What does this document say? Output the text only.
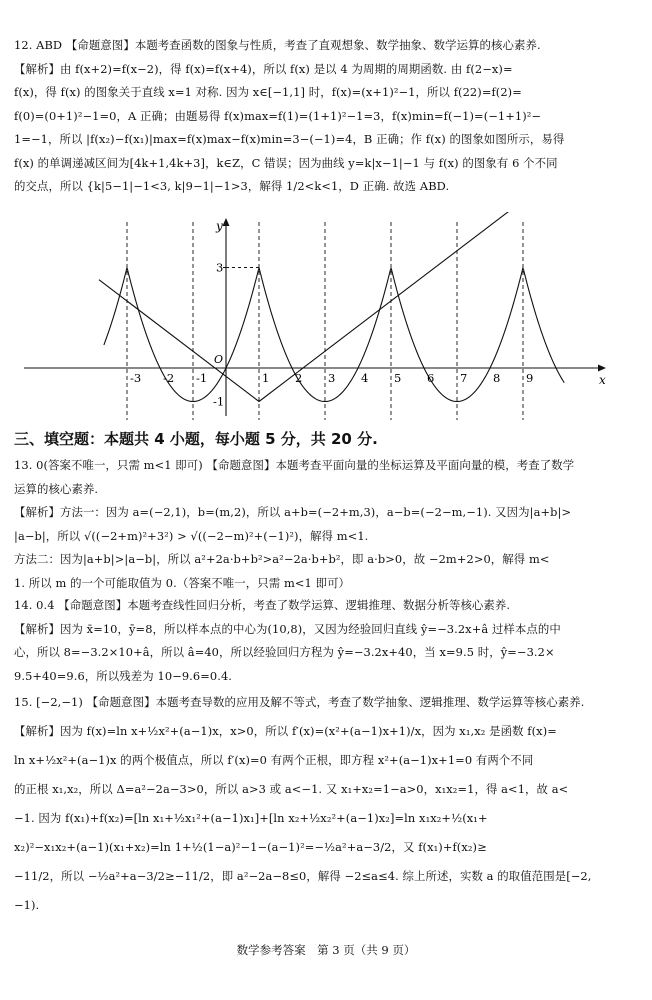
12. ABD 【命题意图】本题考查函数的图象与性质，考查了直观想象、数学抽象、数学运算的核心素养.
【解析】由 f(x+2)=f(x−2)，得 f(x)=f(x+4)，所以 f(x) 是以 4 为周期的周期函数. 由 f(2−x)=
f(x)，得 f(x) 的图象关于直线 x=1 对称. 因为 x∈[−1,1] 时，f(x)=(x+1)²−1，所以 f(22)=f(2)=
f(0)=(0+1)²−1=0，A 正确；由题易得 f(x)max=f(1)=(1+1)²−1=3，f(x)min=f(−1)=(−1+1)²−
1=−1，所以 |f(x₂)−f(x₁)|max=f(x)max−f(x)min=3−(−1)=4，B 正确；作 f(x) 的图象如图所示，易得
f(x) 的单调递减区间为[4k+1,4k+3]，k∈Z，C 错误；因为曲线 y=k|x−1|−1 与 f(x) 的图象有 6 个不同
的交点，所以 {k|5−1|−1<3, k|9−1|−1>3，解得 1/2<k<1，D 正确. 故选 ABD.
x
y
O
-3 -2 -1	1 2 3 4 5 6 7 8 9
3
-1
三、填空题：本题共 4 小题，每小题 5 分，共 20 分.
13. 0(答案不唯一，只需 m<1 即可) 【命题意图】本题考查平面向量的坐标运算及平面向量的模，考查了数学
运算的核心素养.
【解析】方法一：因为 a=(−2,1)，b=(m,2)，所以 a+b=(−2+m,3)，a−b=(−2−m,−1). 又因为|a+b|>
|a−b|，所以 √((−2+m)²+3²) > √((−2−m)²+(−1)²)，解得 m<1.
方法二：因为|a+b|>|a−b|，所以 a²+2a·b+b²>a²−2a·b+b²，即 a·b>0，故 −2m+2>0，解得 m<
1. 所以 m 的一个可能取值为 0.（答案不唯一，只需 m<1 即可）
14. 0.4 【命题意图】本题考查线性回归分析，考查了数学运算、逻辑推理、数据分析等核心素养.
【解析】因为 x̄=10，ȳ=8，所以样本点的中心为(10,8)，又因为经验回归直线 ŷ=−3.2x+â 过样本点的中
心，所以 8=−3.2×10+â，所以 â=40，所以经验回归方程为 ŷ=−3.2x+40，当 x=9.5 时，ŷ=−3.2×
9.5+40=9.6，所以残差为 10−9.6=0.4.
15. [−2,−1) 【命题意图】本题考查导数的应用及解不等式，考查了数学抽象、逻辑推理、数学运算等核心素养.
【解析】因为 f(x)=ln x+½x²+(a−1)x，x>0，所以 f′(x)=(x²+(a−1)x+1)/x，因为 x₁,x₂ 是函数 f(x)=
ln x+½x²+(a−1)x 的两个极值点，所以 f′(x)=0 有两个正根，即方程 x²+(a−1)x+1=0 有两个不同
的正根 x₁,x₂，所以 Δ=a²−2a−3>0，所以 a>3 或 a<−1. 又 x₁+x₂=1−a>0，x₁x₂=1，得 a<1，故 a<
−1. 因为 f(x₁)+f(x₂)=[ln x₁+½x₁²+(a−1)x₁]+[ln x₂+½x₂²+(a−1)x₂]=ln x₁x₂+½(x₁+
x₂)²−x₁x₂+(a−1)(x₁+x₂)=ln 1+½(1−a)²−1−(a−1)²=−½a²+a−3/2，又 f(x₁)+f(x₂)≥
−11/2，所以 −½a²+a−3/2≥−11/2，即 a²−2a−8≤0，解得 −2≤a≤4. 综上所述，实数 a 的取值范围是[−2,
−1).
数学参考答案　第 3 页（共 9 页）
